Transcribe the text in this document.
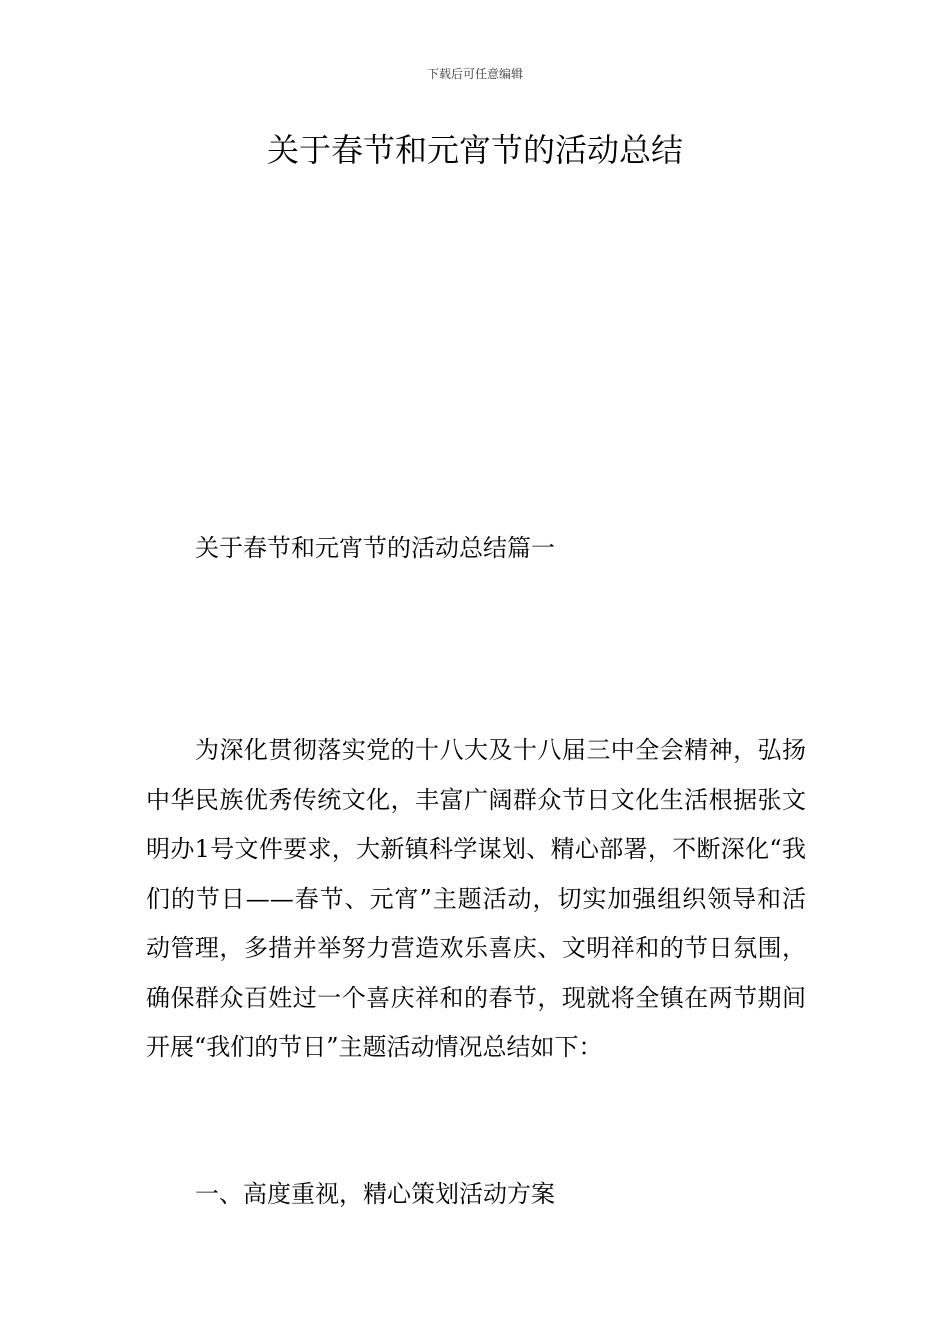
下载后可任意编辑
关于春节和元宵节的活动总结
关于春节和元宵节的活动总结篇一

为深化贯彻落实党的十八大及十八届三中全会精神，弘扬中华民族优秀传统文化，丰富广阔群众节日文化生活根据张文明办1号文件要求，大新镇科学谋划、精心部署，不断深化“我们的节日——春节、元宵”主题活动，切实加强组织领导和活动管理，多措并举努力营造欢乐喜庆、文明祥和的节日氛围，确保群众百姓过一个喜庆祥和的春节，现就将全镇在两节期间开展“我们的节日”主题活动情况总结如下：

一、高度重视，精心策划活动方案
